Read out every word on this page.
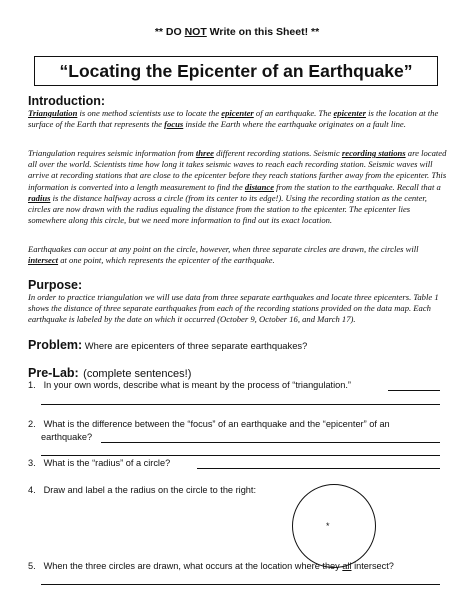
** DO NOT Write on this Sheet! **
“Locating the Epicenter of an Earthquake”
Introduction:
Triangulation is one method scientists use to locate the epicenter of an earthquake. The epicenter is the location at the surface of the Earth that represents the focus inside the Earth where the earthquake originates on a fault line.
Triangulation requires seismic information from three different recording stations. Seismic recording stations are located all over the world. Scientists time how long it takes seismic waves to reach each recording station. Seismic waves will arrive at recording stations that are close to the epicenter before they reach stations farther away from the epicenter. This information is converted into a length measurement to find the distance from the station to the earthquake. Recall that a radius is the distance halfway across a circle (from its center to its edge!). Using the recording station as the center, circles are now drawn with the radius equaling the distance from the station to the epicenter. The epicenter lies somewhere along this circle, but we need more information to find out its exact location.
Earthquakes can occur at any point on the circle, however, when three separate circles are drawn, the circles will intersect at one point, which represents the epicenter of the earthquake.
Purpose:
In order to practice triangulation we will use data from three separate earthquakes and locate three epicenters. Table 1 shows the distance of three separate earthquakes from each of the recording stations provided on the data map. Each earthquake is labeled by the date on which it occurred (October 9, October 16, and March 17).
Problem: Where are epicenters of three separate earthquakes?
Pre-Lab: (complete sentences!)
1. In your own words, describe what is meant by the process of “triangulation.”
2. What is the difference between the “focus” of an earthquake and the “epicenter” of an
earthquake?
3. What is the “radius” of a circle?
4. Draw and label a the radius on the circle to the right:
*
5. When the three circles are drawn, what occurs at the location where they all intersect?
